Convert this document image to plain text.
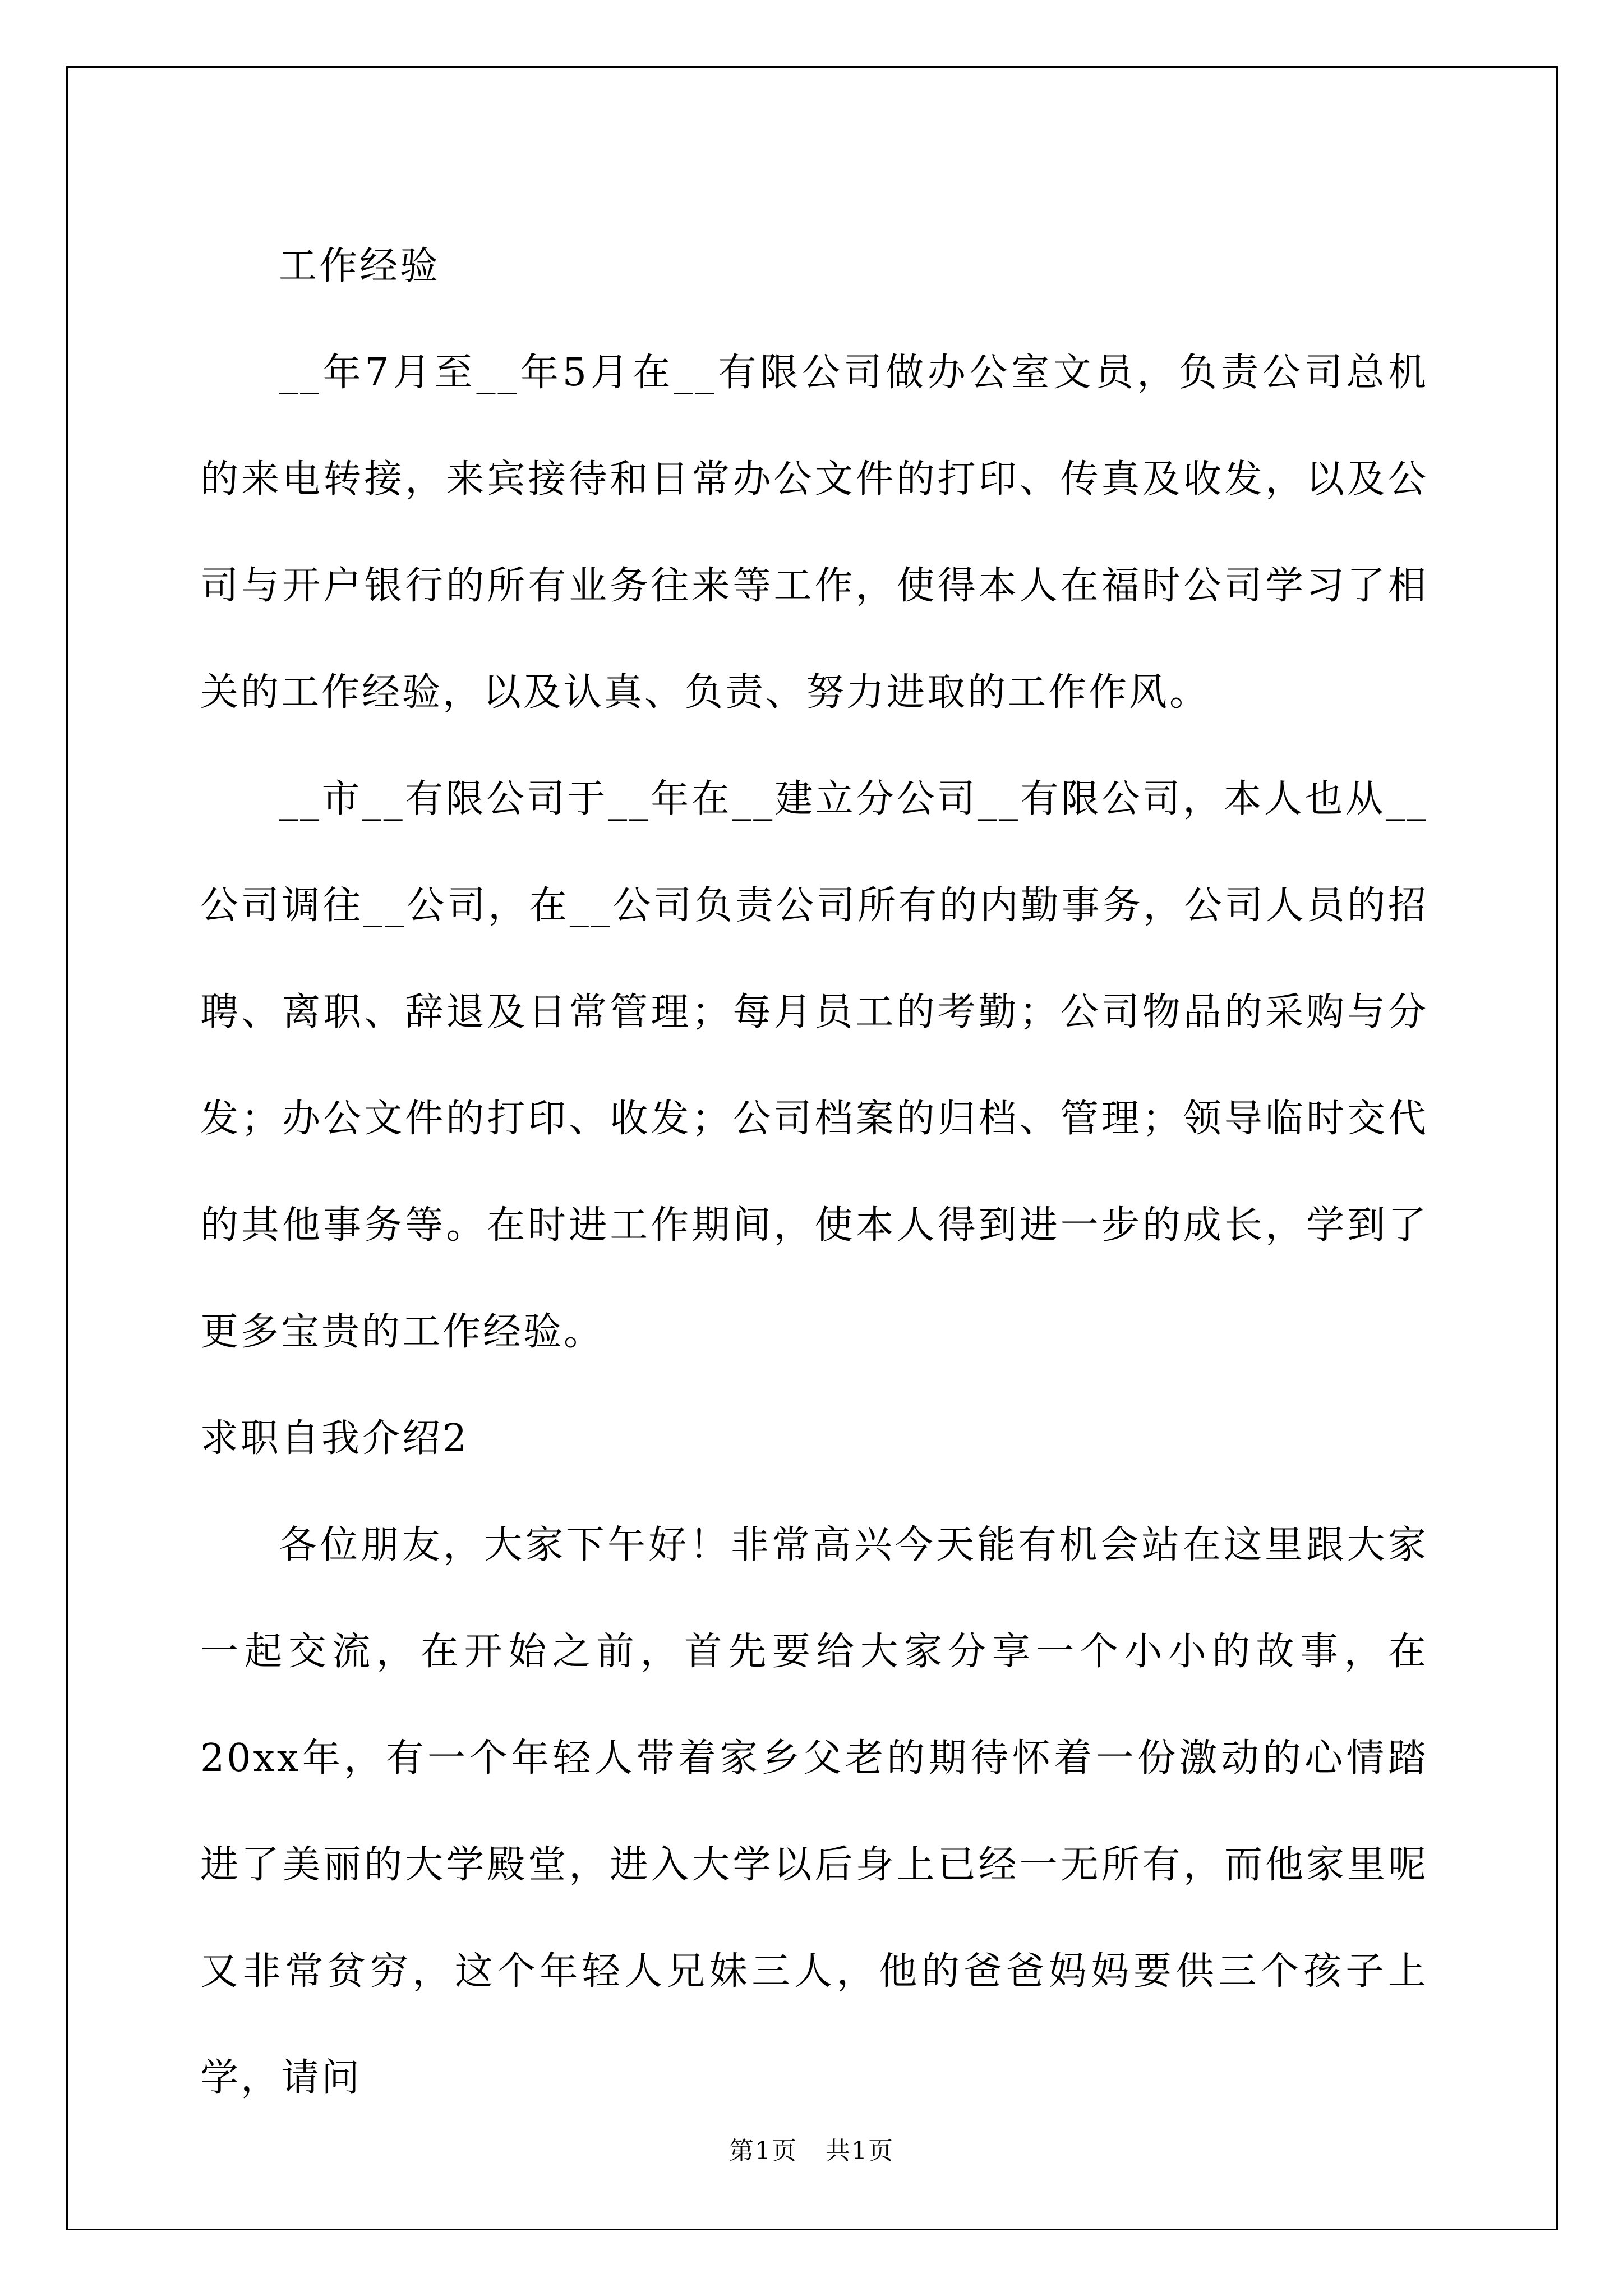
工作经验

__年7月至__年5月在__有限公司做办公室文员，负责公司总机的来电转接，来宾接待和日常办公文件的打印、传真及收发，以及公司与开户银行的所有业务往来等工作，使得本人在福时公司学习了相关的工作经验，以及认真、负责、努力进取的工作作风。

__市__有限公司于__年在__建立分公司__有限公司，本人也从__公司调往__公司，在__公司负责公司所有的内勤事务，公司人员的招聘、离职、辞退及日常管理；每月员工的考勤；公司物品的采购与分发；办公文件的打印、收发；公司档案的归档、管理；领导临时交代的其他事务等。在时进工作期间，使本人得到进一步的成长，学到了更多宝贵的工作经验。

求职自我介绍2

各位朋友，大家下午好！非常高兴今天能有机会站在这里跟大家一起交流，在开始之前，首先要给大家分享一个小小的故事，在20xx年，有一个年轻人带着家乡父老的期待怀着一份激动的心情踏进了美丽的大学殿堂，进入大学以后身上已经一无所有，而他家里呢又非常贫穷，这个年轻人兄妹三人，他的爸爸妈妈要供三个孩子上学，请问

第1页 共1页
